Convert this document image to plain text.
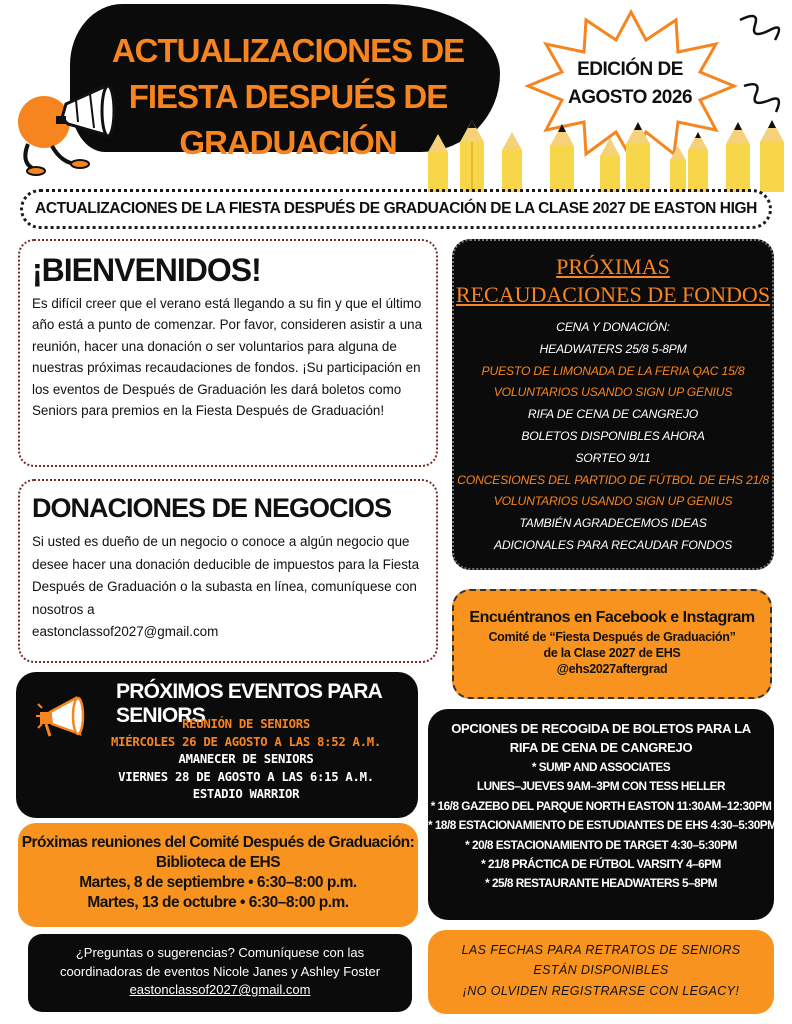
ACTUALIZACIONES DE
FIESTA DESPUÉS DE GRADUACIÓN
EDICIÓN DE
AGOSTO 2026
ACTUALIZACIONES DE LA FIESTA DESPUÉS DE GRADUACIÓN DE LA CLASE 2027 DE EASTON HIGH
¡BIENVENIDOS!

Es difícil creer que el verano está llegando a su fin y que el último año está a punto de comenzar. Por favor, consideren asistir a una reunión, hacer una donación o ser voluntarios para alguna de nuestras próximas recaudaciones de fondos. ¡Su participación en los eventos de Después de Graduación les dará boletos como Seniors para premios en la Fiesta Después de Graduación!

DONACIONES DE NEGOCIOS

Si usted es dueño de un negocio o conoce a algún negocio que desee hacer una donación deducible de impuestos para la Fiesta Después de Graduación o la subasta en línea, comuníquese con nosotros a
eastonclassof2027@gmail.com

PRÓXIMAS
RECAUDACIONES DE FONDOS
CENA Y DONACIÓN:
HEADWATERS 25/8 5-8PM
PUESTO DE LIMONADA DE LA FERIA QAC 15/8
VOLUNTARIOS USANDO SIGN UP GENIUS
RIFA DE CENA DE CANGREJO
BOLETOS DISPONIBLES AHORA
SORTEO 9/11
CONCESIONES DEL PARTIDO DE FÚTBOL DE EHS 21/8
VOLUNTARIOS USANDO SIGN UP GENIUS
TAMBIÉN AGRADECEMOS IDEAS
ADICIONALES PARA RECAUDAR FONDOS
Encuéntranos en Facebook e Instagram
Comité de “Fiesta Después de Graduación”
de la Clase 2027 de EHS
@ehs2027aftergrad
PRÓXIMOS EVENTOS PARA SENIORS
REUNIÓN DE SENIORS
MIÉRCOLES 26 DE AGOSTO A LAS 8:52 A.M.
AMANECER DE SENIORS
VIERNES 28 DE AGOSTO A LAS 6:15 A.M.
ESTADIO WARRIOR
Próximas reuniones del Comité Después de Graduación:
Biblioteca de EHS
Martes, 8 de septiembre • 6:30–8:00 p.m.
Martes, 13 de octubre • 6:30–8:00 p.m.
OPCIONES DE RECOGIDA DE BOLETOS PARA LA
RIFA DE CENA DE CANGREJO
* SUMP AND ASSOCIATES
LUNES–JUEVES 9AM–3PM CON TESS HELLER
* 16/8 GAZEBO DEL PARQUE NORTH EASTON 11:30AM–12:30PM
* 18/8 ESTACIONAMIENTO DE ESTUDIANTES DE EHS 4:30–5:30PM
* 20/8 ESTACIONAMIENTO DE TARGET 4:30–5:30PM
* 21/8 PRÁCTICA DE FÚTBOL VARSITY 4–6PM
* 25/8 RESTAURANTE HEADWATERS 5–8PM

¿Preguntas o sugerencias? Comuníquese con las

coordinadoras de eventos Nicole Janes y Ashley Foster

eastonclassof2027@gmail.com

LAS FECHAS PARA RETRATOS DE SENIORS

ESTÁN DISPONIBLES

¡NO OLVIDEN REGISTRARSE CON LEGACY!
